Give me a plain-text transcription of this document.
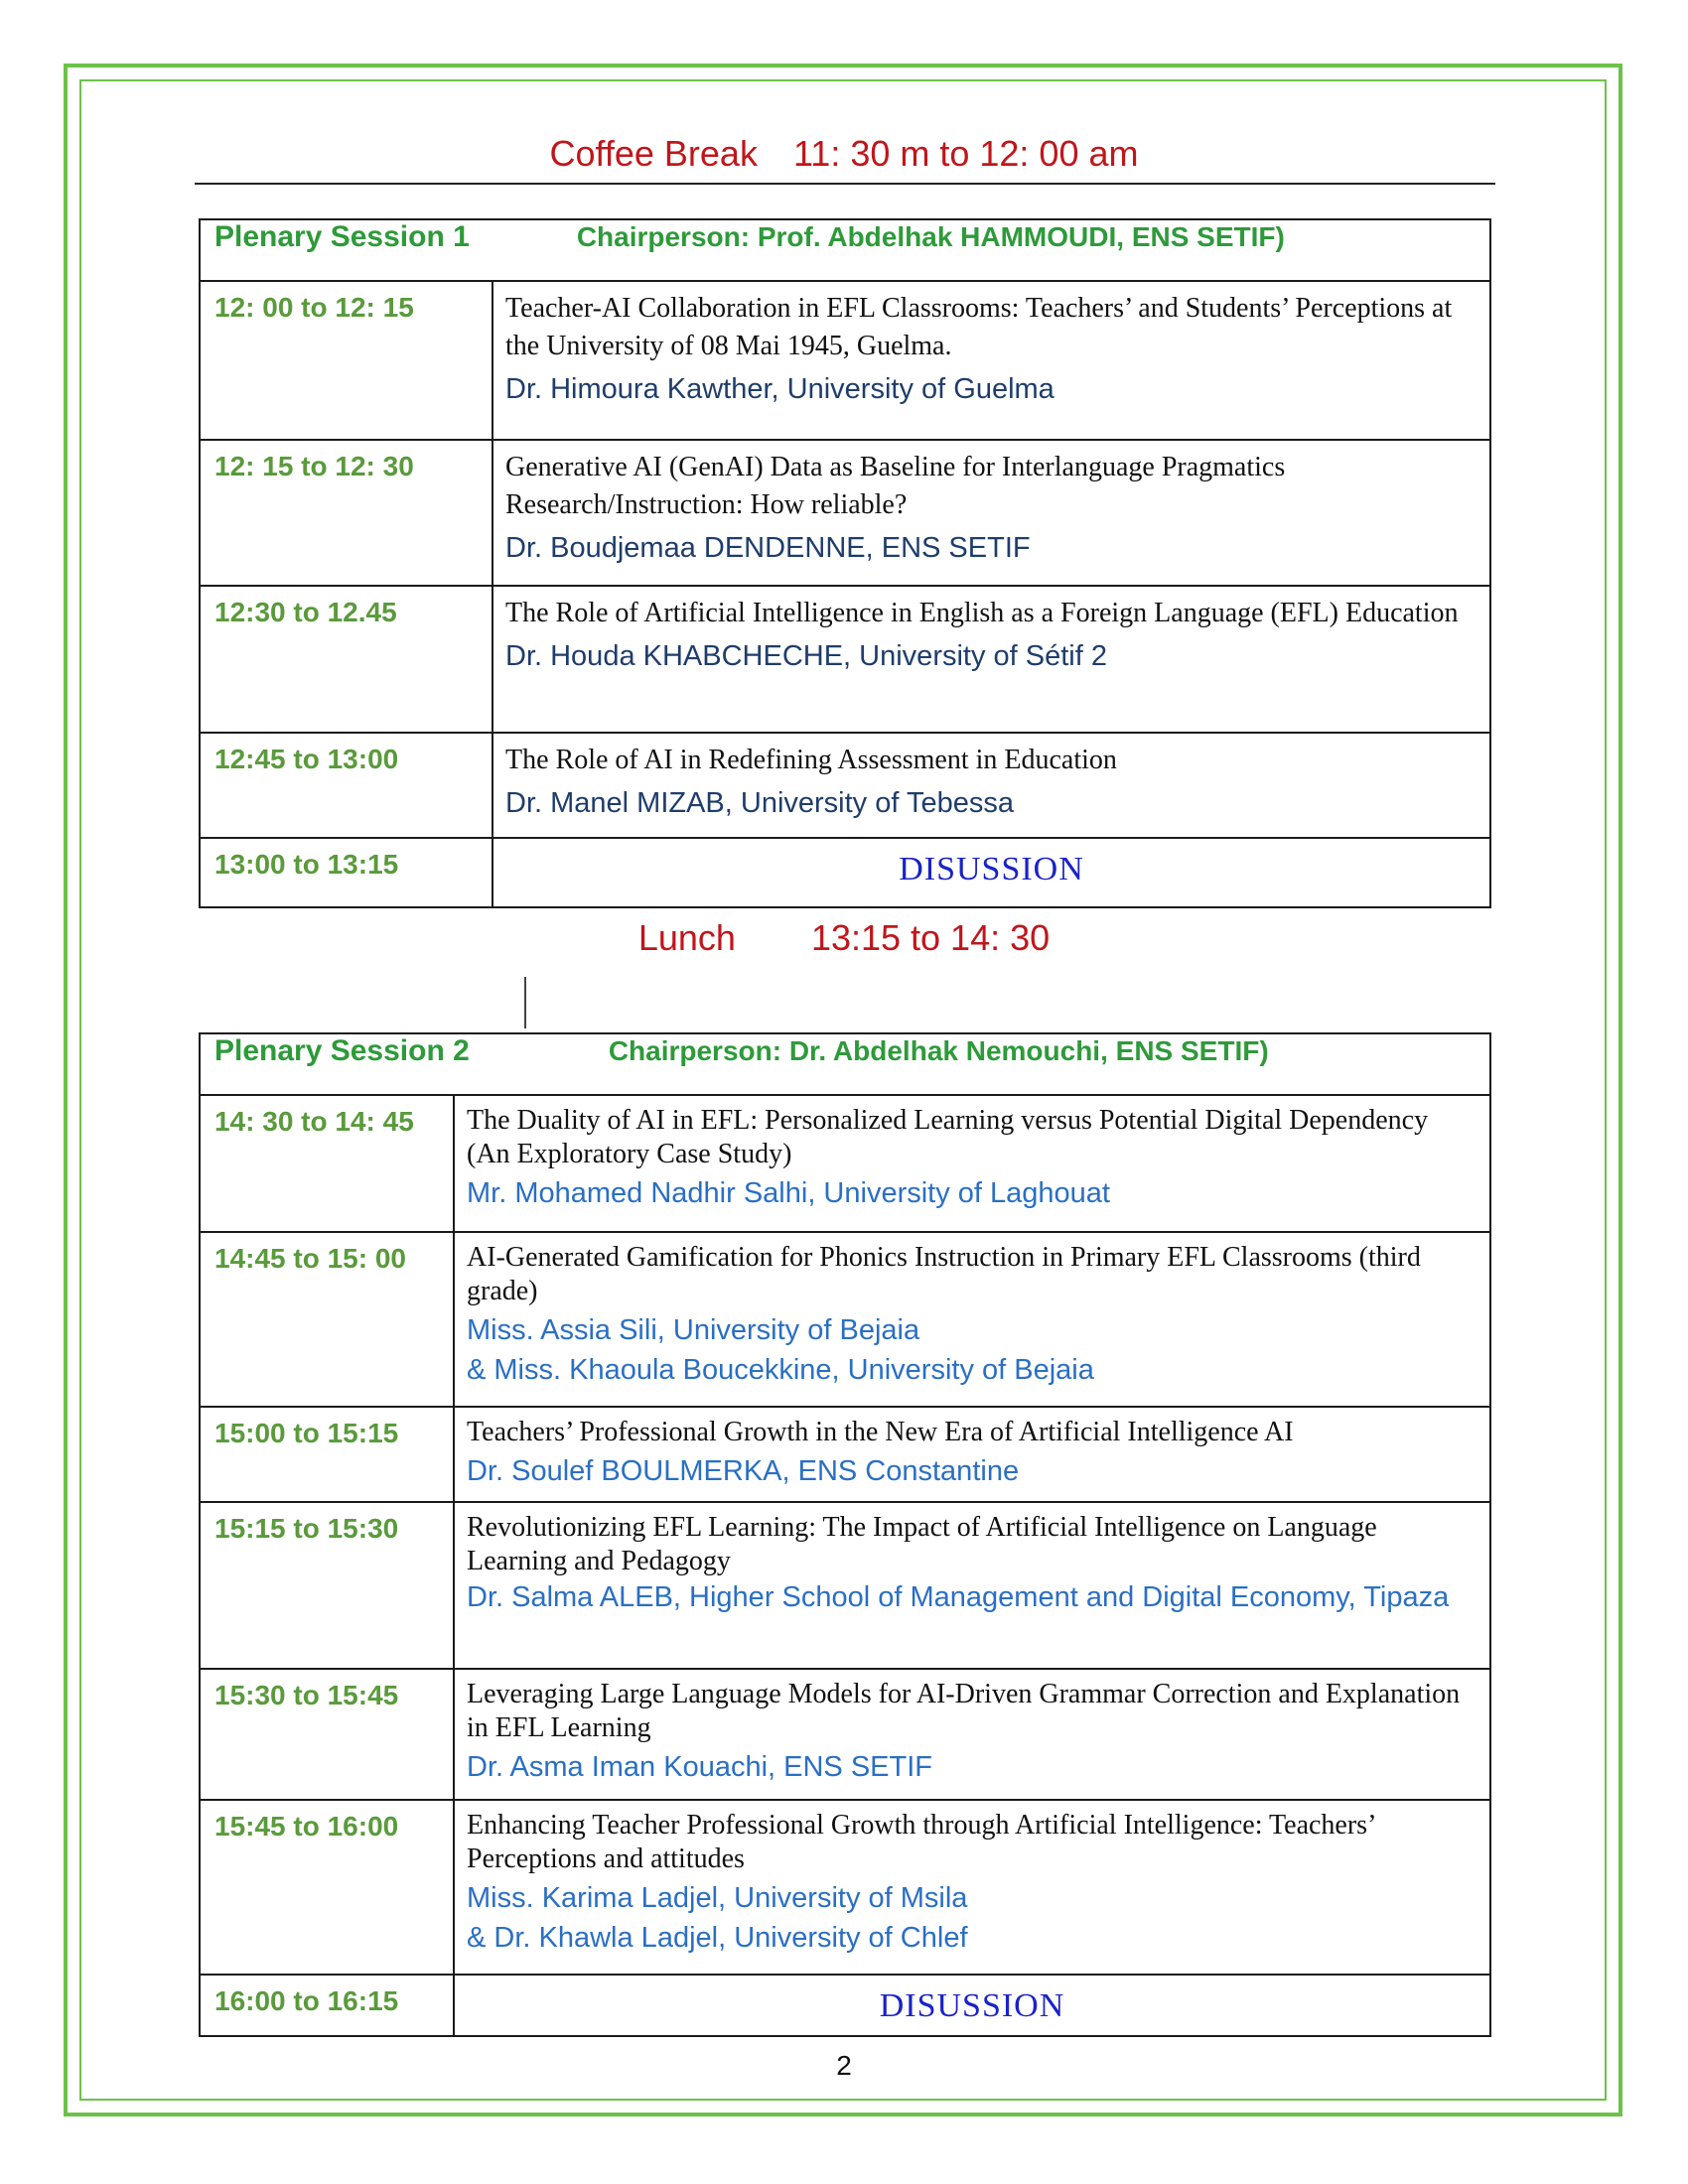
Coffee Break 11: 30 m to 12: 00 am
Plenary Session 1 Chairperson: Prof. Abdelhak HAMMOUDI, ENS SETIF)	
12: 00 to 12: 15	Teacher-AI Collaboration in EFL Classrooms: Teachers’ and Students’ Perceptions at the University of 08 Mai 1945, Guelma.
Dr. Himoura Kawther, University of Guelma

12: 15 to 12: 30	Generative AI (GenAI) Data as Baseline for Interlanguage Pragmatics Research/Instruction: How reliable?
Dr. Boudjemaa DENDENNE, ENS SETIF

12:30 to 12.45	The Role of Artificial Intelligence in English as a Foreign Language (EFL) Education
Dr. Houda KHABCHECHE, University of Sétif 2

12:45 to 13:00	The Role of AI in Redefining Assessment in Education
Dr. Manel MIZAB, University of Tebessa

13:00 to 13:15	DISUSSION
Lunch 13:15 to 14: 30
Plenary Session 2 Chairperson: Dr. Abdelhak Nemouchi, ENS SETIF)	
14: 30 to 14: 45	The Duality of AI in EFL: Personalized Learning versus Potential Digital Dependency (An Exploratory Case Study)
Mr. Mohamed Nadhir Salhi, University of Laghouat

14:45 to 15: 00	AI-Generated Gamification for Phonics Instruction in Primary EFL Classrooms (third grade)
Miss. Assia Sili, University of Bejaia
& Miss. Khaoula Boucekkine, University of Bejaia

15:00 to 15:15	Teachers’ Professional Growth in the New Era of Artificial Intelligence AI
Dr. Soulef BOULMERKA, ENS Constantine

15:15 to 15:30	Revolutionizing EFL Learning: The Impact of Artificial Intelligence on Language Learning and Pedagogy
Dr. Salma ALEB, Higher School of Management and Digital Economy, Tipaza

15:30 to 15:45	Leveraging Large Language Models for AI-Driven Grammar Correction and Explanation in EFL Learning
Dr. Asma Iman Kouachi, ENS SETIF

15:45 to 16:00	Enhancing Teacher Professional Growth through Artificial Intelligence: Teachers’ Perceptions and attitudes
Miss. Karima Ladjel, University of Msila
& Dr. Khawla Ladjel, University of Chlef

16:00 to 16:15	DISUSSION
2
